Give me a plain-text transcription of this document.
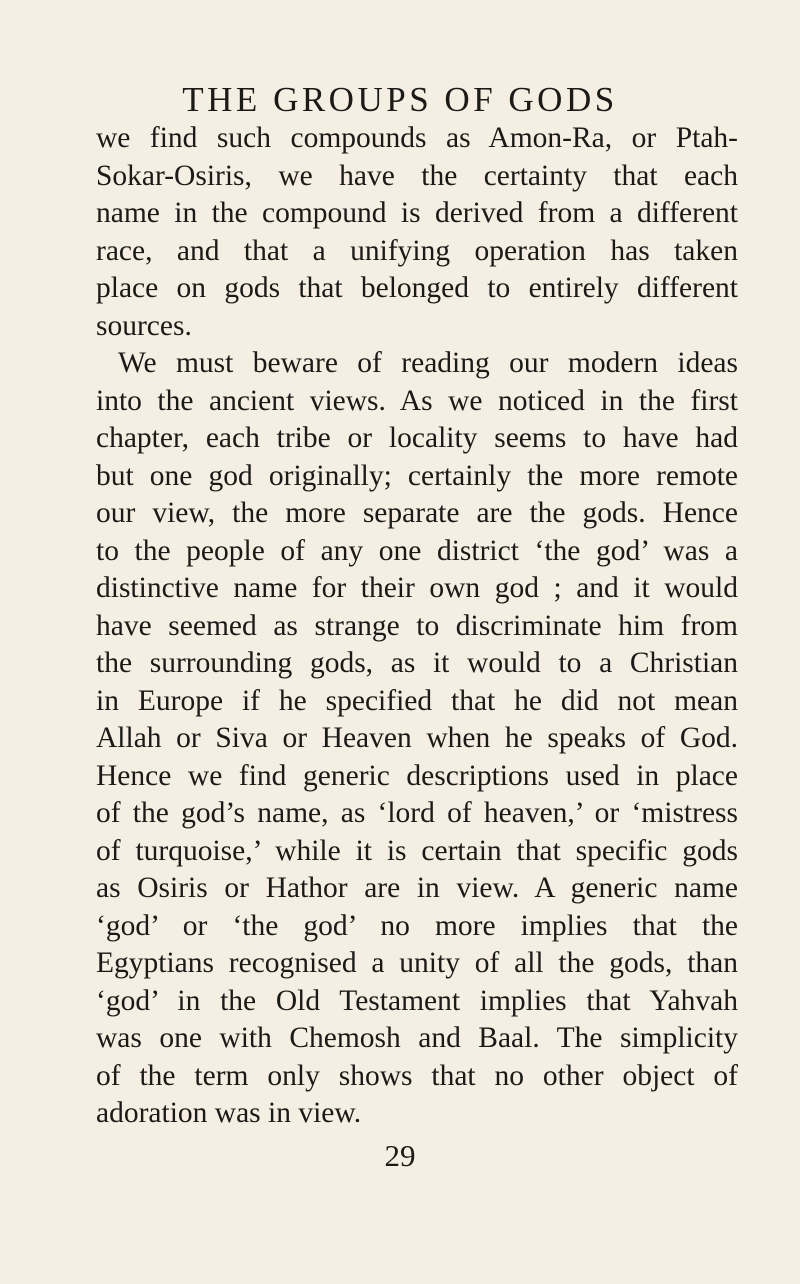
THE GROUPS OF GODS
we find such compounds as Amon-Ra, or Ptah-
Sokar-Osiris, we have the certainty that each
name in the compound is derived from a different
race, and that a unifying operation has taken
place on gods that belonged to entirely different
sources.
We must beware of reading our modern ideas
into the ancient views. As we noticed in the first
chapter, each tribe or locality seems to have had
but one god originally; certainly the more remote
our view, the more separate are the gods. Hence
to the people of any one district ‘the god’ was a
distinctive name for their own god ; and it would
have seemed as strange to discriminate him from
the surrounding gods, as it would to a Christian
in Europe if he specified that he did not mean
Allah or Siva or Heaven when he speaks of God.
Hence we find generic descriptions used in place
of the god’s name, as ‘lord of heaven,’ or ‘mistress
of turquoise,’ while it is certain that specific gods
as Osiris or Hathor are in view. A generic name
‘god’ or ‘the god’ no more implies that the
Egyptians recognised a unity of all the gods, than
‘god’ in the Old Testament implies that Yahvah
was one with Chemosh and Baal. The simplicity
of the term only shows that no other object of
adoration was in view.
29
